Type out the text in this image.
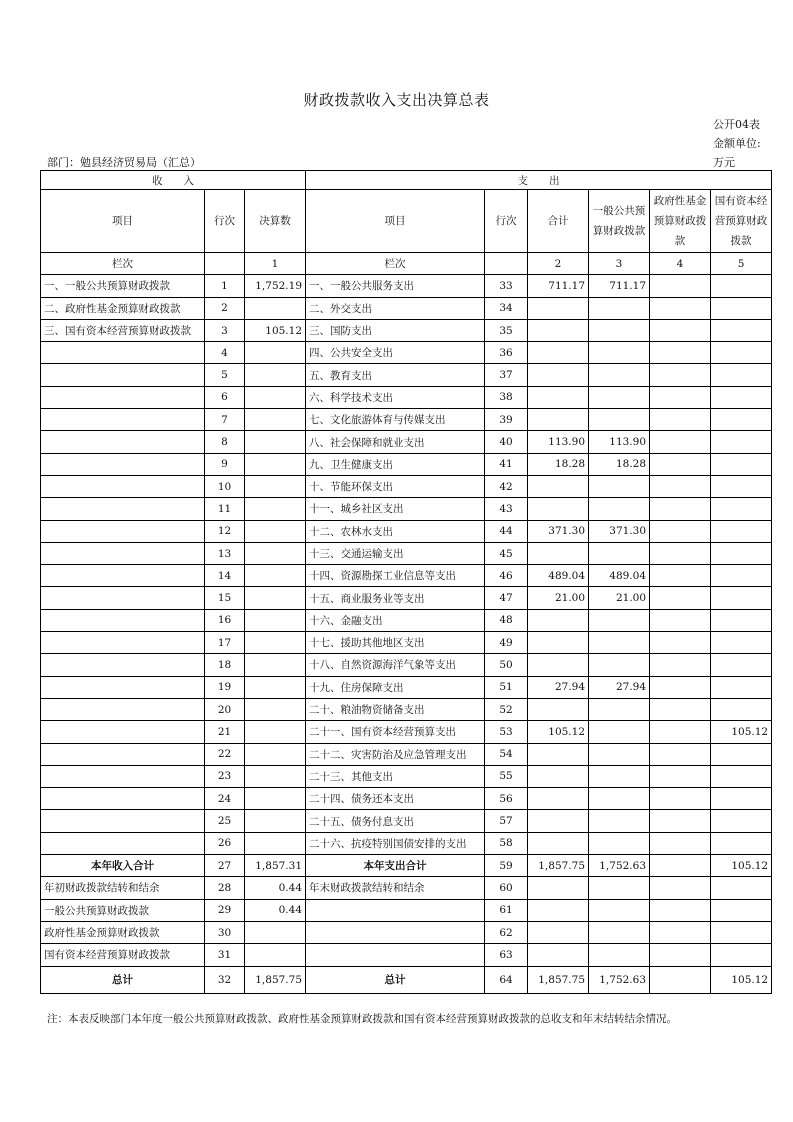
财政拨款收入支出决算总表
公开04表
金额单位:
部门：勉县经济贸易局（汇总）	万元
收　　入			支　　出					
项目	行次	决算数	项目	行次	合计	一般公共预算财政拨款	政府性基金预算财政拨款	国有资本经营预算财政拨款
栏次		1	栏次		2	3	4	5
一、一般公共预算财政拨款	1	1,752.19	一、一般公共服务支出	33	711.17	711.17		
二、政府性基金预算财政拨款	2		二、外交支出	34				
三、国有资本经营预算财政拨款	3	105.12	三、国防支出	35				
	4		四、公共安全支出	36				
	5		五、教育支出	37				
	6		六、科学技术支出	38				
	7		七、文化旅游体育与传媒支出	39				
	8		八、社会保障和就业支出	40	113.90	113.90		
	9		九、卫生健康支出	41	18.28	18.28		
	10		十、节能环保支出	42				
	11		十一、城乡社区支出	43				
	12		十二、农林水支出	44	371.30	371.30		
	13		十三、交通运输支出	45				
	14		十四、资源勘探工业信息等支出	46	489.04	489.04		
	15		十五、商业服务业等支出	47	21.00	21.00		
	16		十六、金融支出	48				
	17		十七、援助其他地区支出	49				
	18		十八、自然资源海洋气象等支出	50				
	19		十九、住房保障支出	51	27.94	27.94		
	20		二十、粮油物资储备支出	52				
	21		二十一、国有资本经营预算支出	53	105.12			105.12
	22		二十二、灾害防治及应急管理支出	54				
	23		二十三、其他支出	55				
	24		二十四、债务还本支出	56				
	25		二十五、债务付息支出	57				
	26		二十六、抗疫特别国债安排的支出	58				
本年收入合计	27	1,857.31	本年支出合计	59	1,857.75	1,752.63		105.12
年初财政拨款结转和结余	28	0.44	年末财政拨款结转和结余	60				
一般公共预算财政拨款	29	0.44		61				
政府性基金预算财政拨款	30			62				
国有资本经营预算财政拨款	31			63				
总计	32	1,857.75	总计	64	1,857.75	1,752.63		105.12
注：本表反映部门本年度一般公共预算财政拨款、政府性基金预算财政拨款和国有资本经营预算财政拨款的总收支和年末结转结余情况。
